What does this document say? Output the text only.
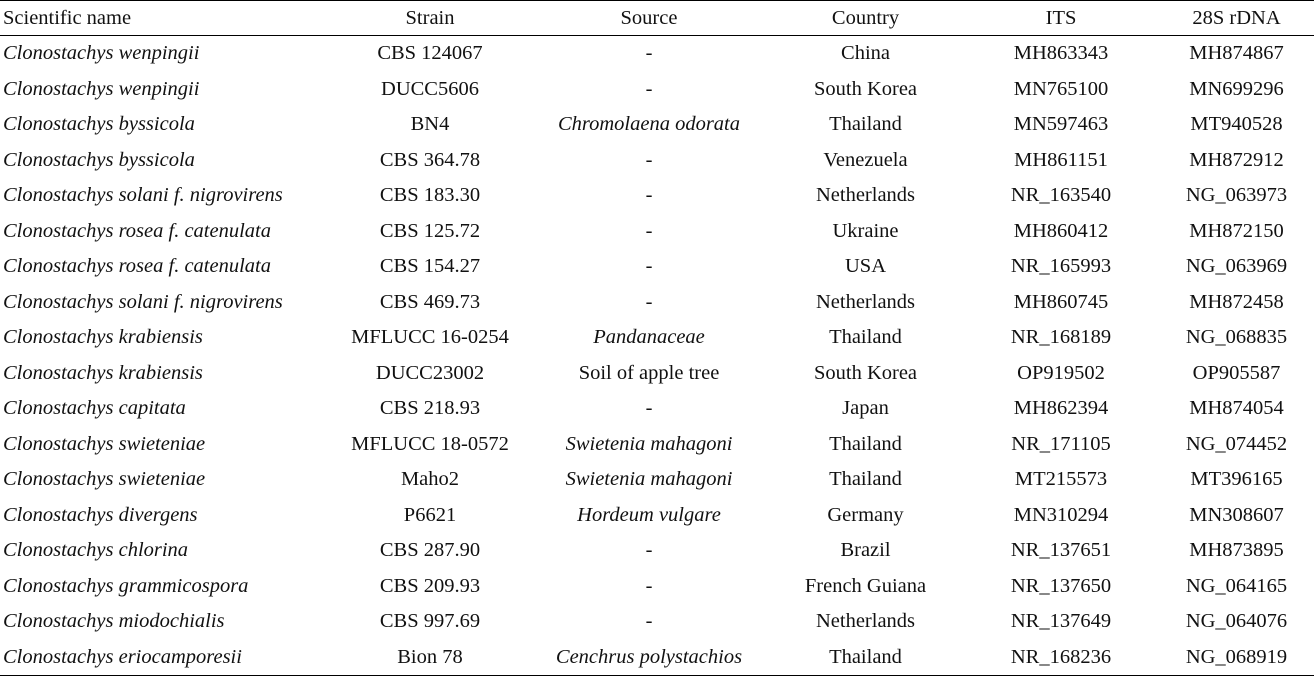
Scientific name	Strain	Source	Country	ITS	28S rDNA
Clonostachys wenpingii	CBS 124067	-	China	MH863343	MH874867
Clonostachys wenpingii	DUCC5606	-	South Korea	MN765100	MN699296
Clonostachys byssicola	BN4	Chromolaena odorata	Thailand	MN597463	MT940528
Clonostachys byssicola	CBS 364.78	-	Venezuela	MH861151	MH872912
Clonostachys solani f. nigrovirens	CBS 183.30	-	Netherlands	NR_163540	NG_063973
Clonostachys rosea f. catenulata	CBS 125.72	-	Ukraine	MH860412	MH872150
Clonostachys rosea f. catenulata	CBS 154.27	-	USA	NR_165993	NG_063969
Clonostachys solani f. nigrovirens	CBS 469.73	-	Netherlands	MH860745	MH872458
Clonostachys krabiensis	MFLUCC 16-0254	Pandanaceae	Thailand	NR_168189	NG_068835
Clonostachys krabiensis	DUCC23002	Soil of apple tree	South Korea	OP919502	OP905587
Clonostachys capitata	CBS 218.93	-	Japan	MH862394	MH874054
Clonostachys swieteniae	MFLUCC 18-0572	Swietenia mahagoni	Thailand	NR_171105	NG_074452
Clonostachys swieteniae	Maho2	Swietenia mahagoni	Thailand	MT215573	MT396165
Clonostachys divergens	P6621	Hordeum vulgare	Germany	MN310294	MN308607
Clonostachys chlorina	CBS 287.90	-	Brazil	NR_137651	MH873895
Clonostachys grammicospora	CBS 209.93	-	French Guiana	NR_137650	NG_064165
Clonostachys miodochialis	CBS 997.69	-	Netherlands	NR_137649	NG_064076
Clonostachys eriocamporesii	Bion 78	Cenchrus polystachios	Thailand	NR_168236	NG_068919
